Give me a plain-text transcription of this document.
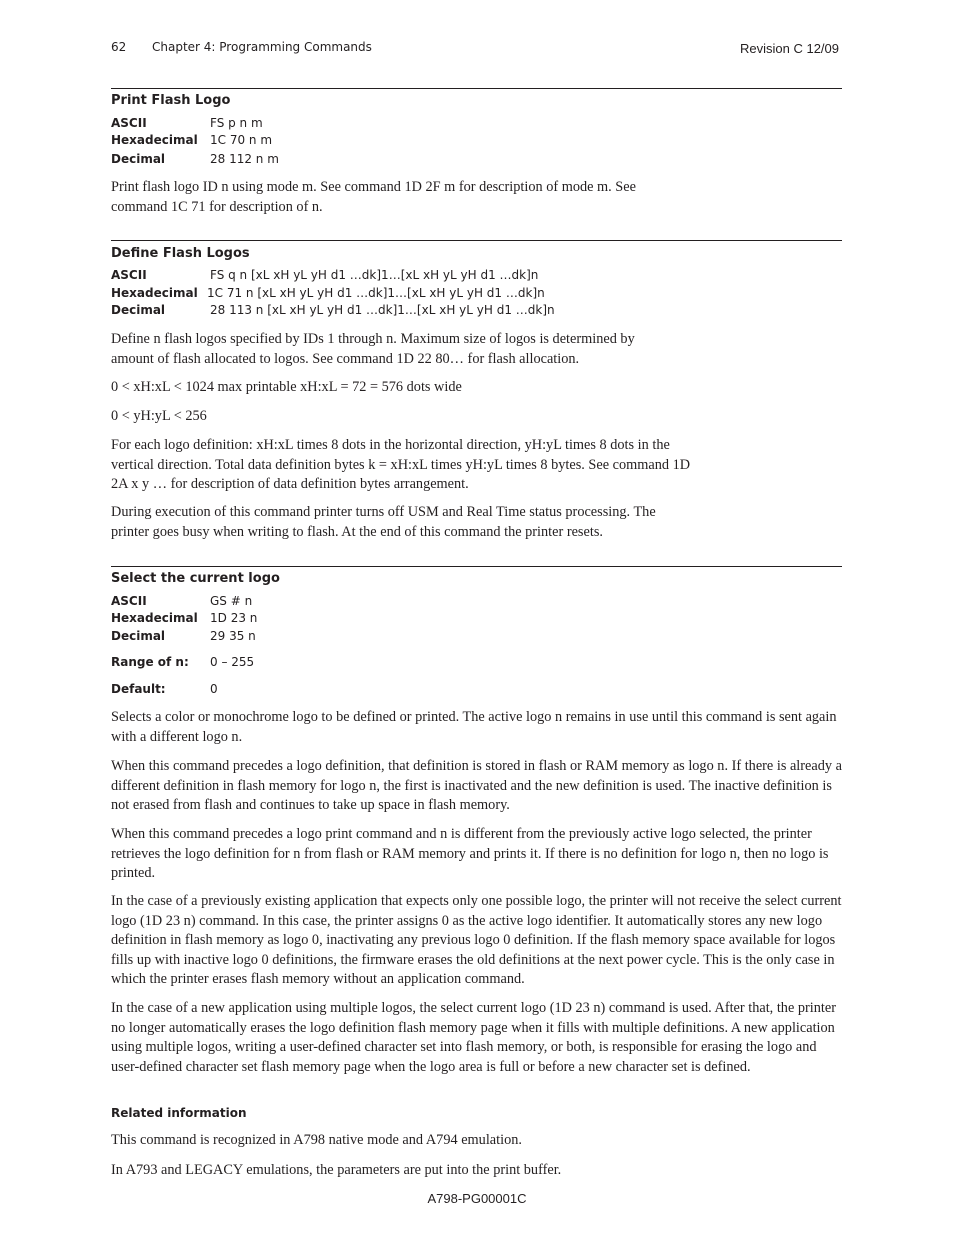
62 Chapter 4: Programming Commands	Revision C 12/09
Print Flash Logo
ASCII	FS p n m
Hexadecimal 1C 70 n m
Decimal	28 112 n m

Print flash logo ID n using mode m. See command 1D 2F m for description of mode m. See command 1C 71 for description of n.

Define Flash Logos
ASCII	FS q n [xL xH yL yH d1 …dk]1…[xL xH yL yH d1 …dk]n
Hexadecimal 1C 71 n [xL xH yL yH d1 …dk]1…[xL xH yL yH d1 …dk]n
Decimal	28 113 n [xL xH yL yH d1 …dk]1…[xL xH yL yH d1 …dk]n

Define n flash logos specified by IDs 1 through n. Maximum size of logos is determined by amount of flash allocated to logos. See command 1D 22 80… for flash allocation.

0 < xH:xL < 1024 max printable xH:xL = 72 = 576 dots wide

0 < yH:yL < 256

For each logo definition: xH:xL times 8 dots in the horizontal direction, yH:yL times 8 dots in the vertical direction. Total data definition bytes k = xH:xL times yH:yL times 8 bytes. See command 1D 2A x y … for description of data definition bytes arrangement.

During execution of this command printer turns off USM and Real Time status processing. The printer goes busy when writing to flash. At the end of this command the printer resets.

Select the current logo
ASCII	GS # n
Hexadecimal 1D 23 n
Decimal	29 35 n
Range of n: 0 – 255
Default:	0

Selects a color or monochrome logo to be defined or printed. The active logo n remains in use until this command is sent again with a different logo n.

When this command precedes a logo definition, that definition is stored in flash or RAM memory as logo n. If there is already a different definition in flash memory for logo n, the first is inactivated and the new definition is used. The inactive definition is not erased from flash and continues to take up space in flash memory.

When this command precedes a logo print command and n is different from the previously active logo selected, the printer retrieves the logo definition for n from flash or RAM memory and prints it. If there is no definition for logo n, then no logo is printed.

In the case of a previously existing application that expects only one possible logo, the printer will not receive the select current logo (1D 23 n) command. In this case, the printer assigns 0 as the active logo identifier. It automatically stores any new logo definition in flash memory as logo 0, inactivating any previous logo 0 definition. If the flash memory space available for logos fills up with inactive logo 0 definitions, the firmware erases the old definitions at the next power cycle. This is the only case in which the printer erases flash memory without an application command.

In the case of a new application using multiple logos, the select current logo (1D 23 n) command is used. After that, the printer no longer automatically erases the logo definition flash memory page when it fills with multiple definitions. A new application using multiple logos, writing a user-defined character set into flash memory, or both, is responsible for erasing the logo and user-defined character set flash memory page when the logo area is full or before a new character set is defined.

Related information

This command is recognized in A798 native mode and A794 emulation.

In A793 and LEGACY emulations, the parameters are put into the print buffer.

A798-PG00001C
